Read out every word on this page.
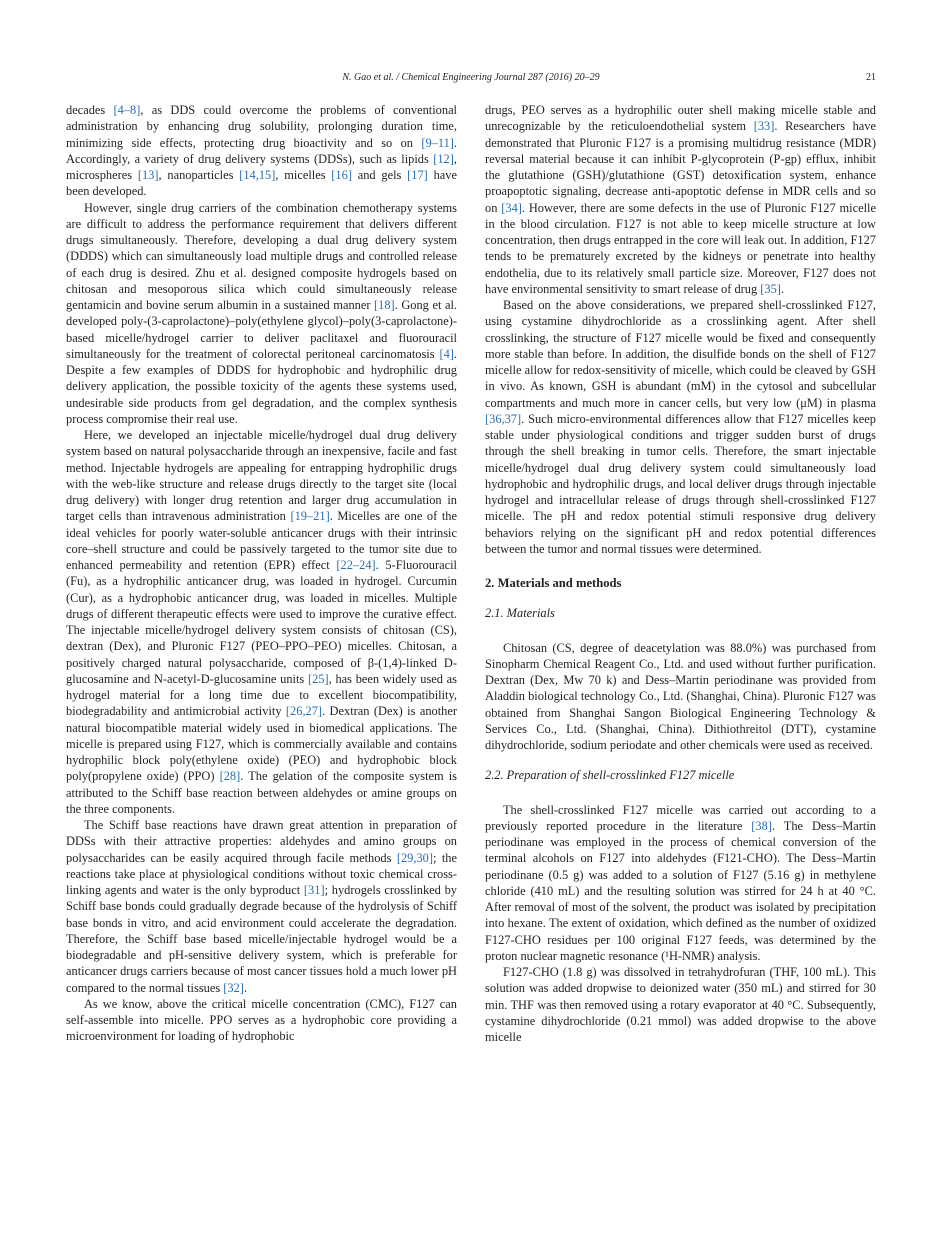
N. Gao et al. / Chemical Engineering Journal 287 (2016) 20–29	21

decades [4–8], as DDS could overcome the problems of conventional administration by enhancing drug solubility, prolonging duration time, minimizing side effects, protecting drug bioactivity and so on [9–11]. Accordingly, a variety of drug delivery systems (DDSs), such as lipids [12], microspheres [13], nanoparticles [14,15], micelles [16] and gels [17] have been developed.

However, single drug carriers of the combination chemotherapy systems are difficult to address the performance requirement that delivers different drugs simultaneously. Therefore, developing a dual drug delivery system (DDDS) which can simultaneously load multiple drugs and controlled release of each drug is desired. Zhu et al. designed composite hydrogels based on chitosan and mesoporous silica which could simultaneously release gentamicin and bovine serum albumin in a sustained manner [18]. Gong et al. developed poly-(3-caprolactone)–poly(ethylene glycol)–poly(3-caprolactone)-based micelle/hydrogel carrier to deliver paclitaxel and fluorouracil simultaneously for the treatment of colorectal peritoneal carcinomatosis [4]. Despite a few examples of DDDS for hydrophobic and hydrophilic drug delivery application, the possible toxicity of the agents these systems used, undesirable side products from gel degradation, and the complex synthesis process compromise their real use.

Here, we developed an injectable micelle/hydrogel dual drug delivery system based on natural polysaccharide through an inexpensive, facile and fast method. Injectable hydrogels are appealing for entrapping hydrophilic drugs with the web-like structure and release drugs directly to the target site (local drug delivery) with longer drug retention and larger drug accumulation in target cells than intravenous administration [19–21]. Micelles are one of the ideal vehicles for poorly water-soluble anticancer drugs with their intrinsic core–shell structure and could be passively targeted to the tumor site due to enhanced permeability and retention (EPR) effect [22–24]. 5-Fluorouracil (Fu), as a hydrophilic anticancer drug, was loaded in hydrogel. Curcumin (Cur), as a hydrophobic anticancer drug, was loaded in micelles. Multiple drugs of different therapeutic effects were used to improve the curative effect. The injectable micelle/hydrogel delivery system consists of chitosan (CS), dextran (Dex), and Pluronic F127 (PEO–PPO–PEO) micelles. Chitosan, a positively charged natural polysaccharide, composed of β-(1,4)-linked D-glucosamine and N-acetyl-D-glucosamine units [25], has been widely used as hydrogel material for a long time due to excellent biocompatibility, biodegradability and antimicrobial activity [26,27]. Dextran (Dex) is another natural biocompatible material widely used in biomedical applications. The micelle is prepared using F127, which is commercially available and contains hydrophilic block poly(ethylene oxide) (PEO) and hydrophobic block poly(propylene oxide) (PPO) [28]. The gelation of the composite system is attributed to the Schiff base reaction between aldehydes or amine groups on the three components.

The Schiff base reactions have drawn great attention in preparation of DDSs with their attractive properties: aldehydes and amino groups on polysaccharides can be easily acquired through facile methods [29,30]; the reactions take place at physiological conditions without toxic chemical cross-linking agents and water is the only byproduct [31]; hydrogels crosslinked by Schiff base bonds could gradually degrade because of the hydrolysis of Schiff base bonds in vitro, and acid environment could accelerate the degradation. Therefore, the Schiff base based micelle/injectable hydrogel would be a biodegradable and pH-sensitive delivery system, which is preferable for anticancer drugs carriers because of most cancer tissues hold a much lower pH compared to the normal tissues [32].

As we know, above the critical micelle concentration (CMC), F127 can self-assemble into micelle. PPO serves as a hydrophobic core providing a microenvironment for loading of hydrophobic

drugs, PEO serves as a hydrophilic outer shell making micelle stable and unrecognizable by the reticuloendothelial system [33]. Researchers have demonstrated that Pluronic F127 is a promising multidrug resistance (MDR) reversal material because it can inhibit P-glycoprotein (P-gp) efflux, inhibit the glutathione (GSH)/glutathione (GST) detoxification system, enhance proapoptotic signaling, decrease anti-apoptotic defense in MDR cells and so on [34]. However, there are some defects in the use of Pluronic F127 micelle in the blood circulation. F127 is not able to keep micelle structure at low concentration, then drugs entrapped in the core will leak out. In addition, F127 tends to be prematurely excreted by the kidneys or penetrate into healthy endothelia, due to its relatively small particle size. Moreover, F127 does not have environmental sensitivity to smart release of drug [35].

Based on the above considerations, we prepared shell-crosslinked F127, using cystamine dihydrochloride as a crosslinking agent. After shell crosslinking, the structure of F127 micelle would be fixed and consequently more stable than before. In addition, the disulfide bonds on the shell of F127 micelle allow for redox-sensitivity of micelle, which could be cleaved by GSH in vivo. As known, GSH is abundant (mM) in the cytosol and subcellular compartments and much more in cancer cells, but very low (μM) in plasma [36,37]. Such micro-environmental differences allow that F127 micelles keep stable under physiological conditions and trigger sudden burst of drugs through the shell breaking in tumor cells. Therefore, the smart injectable micelle/hydrogel dual drug delivery system could simultaneously load hydrophobic and hydrophilic drugs, and local deliver drugs through injectable hydrogel and intracellular release of drugs through shell-crosslinked F127 micelle. The pH and redox potential stimuli responsive drug delivery behaviors relying on the significant pH and redox potential differences between the tumor and normal tissues were determined.

2. Materials and methods
2.1. Materials

Chitosan (CS, degree of deacetylation was 88.0%) was purchased from Sinopharm Chemical Reagent Co., Ltd. and used without further purification. Dextran (Dex, Mw 70 k) and Dess–Martin periodinane was provided from Aladdin biological technology Co., Ltd. (Shanghai, China). Pluronic F127 was obtained from Shanghai Sangon Biological Engineering Technology & Services Co., Ltd. (Shanghai, China). Dithiothreitol (DTT), cystamine dihydrochloride, sodium periodate and other chemicals were used as received.

2.2. Preparation of shell-crosslinked F127 micelle

The shell-crosslinked F127 micelle was carried out according to a previously reported procedure in the literature [38]. The Dess–Martin periodinane was employed in the process of chemical conversion of the terminal alcohols on F127 into aldehydes (F121-CHO). The Dess–Martin periodinane (0.5 g) was added to a solution of F127 (5.16 g) in methylene chloride (410 mL) and the resulting solution was stirred for 24 h at 40 °C. After removal of most of the solvent, the product was isolated by precipitation into hexane. The extent of oxidation, which defined as the number of oxidized F127-CHO residues per 100 original F127 feeds, was determined by the proton nuclear magnetic resonance (¹H-NMR) analysis.

F127-CHO (1.8 g) was dissolved in tetrahydrofuran (THF, 100 mL). This solution was added dropwise to deionized water (350 mL) and stirred for 30 min. THF was then removed using a rotary evaporator at 40 °C. Subsequently, cystamine dihydrochloride (0.21 mmol) was added dropwise to the above micelle
